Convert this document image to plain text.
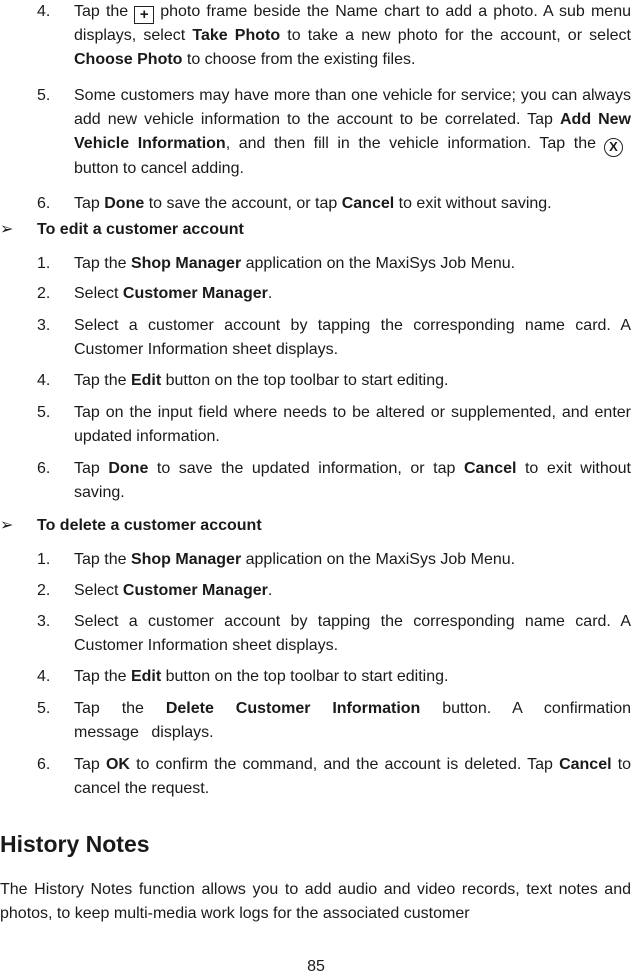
4. Tap the + photo frame beside the Name chart to add a photo. A sub menu displays, select Take Photo to take a new photo for the account, or select Choose Photo to choose from the existing files.
5. Some customers may have more than one vehicle for service; you can always add new vehicle information to the account to be correlated. Tap Add New Vehicle Information, and then fill in the vehicle information. Tap the Xbutton to cancel adding.
6. Tap Done to save the account, or tap Cancel to exit without saving.
➢ To edit a customer account
1. Tap the Shop Manager application on the MaxiSys Job Menu.
2. Select Customer Manager.
3. Select a customer account by tapping the corresponding name card. A Customer Information sheet displays.
4. Tap the Edit button on the top toolbar to start editing.
5. Tap on the input field where needs to be altered or supplemented, and enter updated information.
6. Tap Done to save the updated information, or tap Cancel to exit without saving.
➢ To delete a customer account
1. Tap the Shop Manager application on the MaxiSys Job Menu.
2. Select Customer Manager.
3. Select a customer account by tapping the corresponding name card. A Customer Information sheet displays.
4. Tap the Edit button on the top toolbar to start editing.
5. Tap the Delete Customer Information button. A confirmation message displays.
6. Tap OK to confirm the command, and the account is deleted. Tap Cancel to cancel the request.
History Notes
The History Notes function allows you to add audio and video records, text notes and photos, to keep multi-media work logs for the associated customer
85
